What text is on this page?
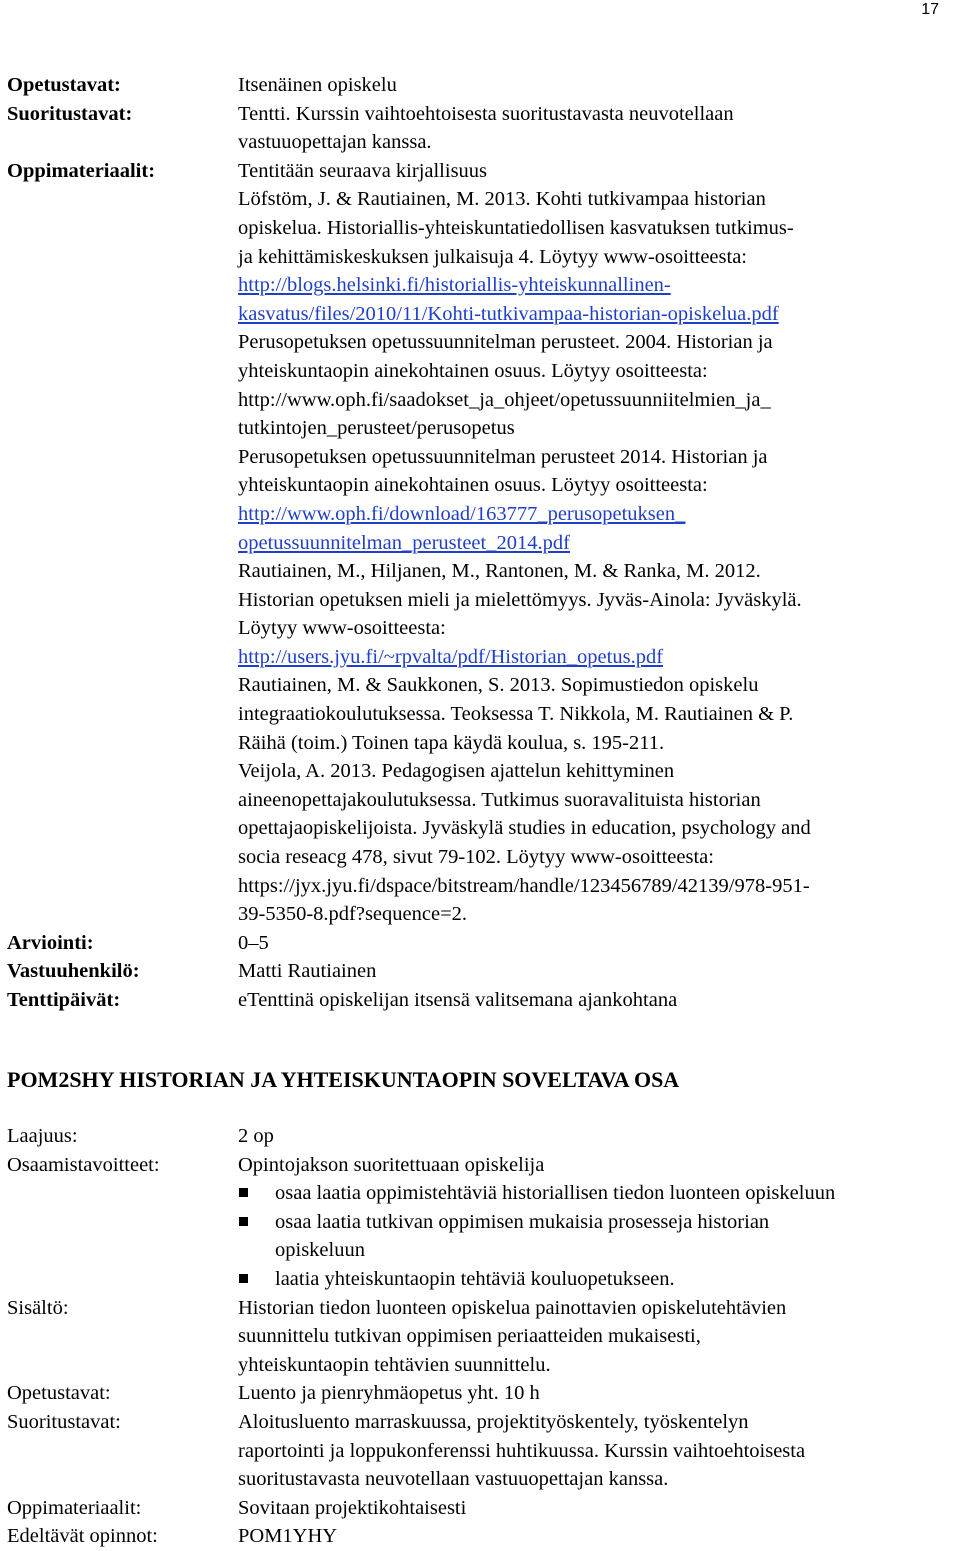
17
Opetustavat:	Itsenäinen opiskelu
Suoritustavat:	Tentti. Kurssin vaihtoehtoisesta suoritustavasta neuvotellaan
vastuuopettajan kanssa.
Oppimateriaalit:	Tentitään seuraava kirjallisuus
Löfstöm, J. & Rautiainen, M. 2013. Kohti tutkivampaa historian
opiskelua. Historiallis-yhteiskuntatiedollisen kasvatuksen tutkimus-
ja kehittämiskeskuksen julkaisuja 4. Löytyy www-osoitteesta:
http://blogs.helsinki.fi/historiallis-yhteiskunnallinen-
kasvatus/files/2010/11/Kohti-tutkivampaa-historian-opiskelua.pdf
Perusopetuksen opetussuunnitelman perusteet. 2004. Historian ja
yhteiskuntaopin ainekohtainen osuus. Löytyy osoitteesta:
http://www.oph.fi/saadokset_ja_ohjeet/opetussuunniitelmien_ja_
tutkintojen_perusteet/perusopetus
Perusopetuksen opetussuunnitelman perusteet 2014. Historian ja
yhteiskuntaopin ainekohtainen osuus. Löytyy osoitteesta:
http://www.oph.fi/download/163777_perusopetuksen_
opetussuunnitelman_perusteet_2014.pdf
Rautiainen, M., Hiljanen, M., Rantonen, M. & Ranka, M. 2012.
Historian opetuksen mieli ja mielettömyys. Jyväs-Ainola: Jyväskylä.
Löytyy www-osoitteesta:
http://users.jyu.fi/~rpvalta/pdf/Historian_opetus.pdf
Rautiainen, M. & Saukkonen, S. 2013. Sopimustiedon opiskelu
integraatiokoulutuksessa. Teoksessa T. Nikkola, M. Rautiainen & P.
Räihä (toim.) Toinen tapa käydä koulua, s. 195-211.
Veijola, A. 2013. Pedagogisen ajattelun kehittyminen
aineenopettajakoulutuksessa. Tutkimus suoravalituista historian
opettajaopiskelijoista. Jyväskylä studies in education, psychology and
socia reseacg 478, sivut 79-102. Löytyy www-osoitteesta:
https://jyx.jyu.fi/dspace/bitstream/handle/123456789/42139/978-951-
39-5350-8.pdf?sequence=2.
Arviointi:	0–5
Vastuuhenkilö:	Matti Rautiainen
Tenttipäivät:	eTenttinä opiskelijan itsensä valitsemana ajankohtana
POM2SHY HISTORIAN JA YHTEISKUNTAOPIN SOVELTAVA OSA
Laajuus:	2 op
Osaamistavoitteet:	Opintojakson suoritettuaan opiskelija
osaa laatia oppimistehtäviä historiallisen tiedon luonteen opiskeluun
osaa laatia tutkivan oppimisen mukaisia prosesseja historian
opiskeluun
laatia yhteiskuntaopin tehtäviä kouluopetukseen.
Sisältö:	Historian tiedon luonteen opiskelua painottavien opiskelutehtävien
suunnittelu tutkivan oppimisen periaatteiden mukaisesti,
yhteiskuntaopin tehtävien suunnittelu.
Opetustavat:	Luento ja pienryhmäopetus yht. 10 h
Suoritustavat:	Aloitusluento marraskuussa, projektityöskentely, työskentelyn
raportointi ja loppukonferenssi huhtikuussa. Kurssin vaihtoehtoisesta
suoritustavasta neuvotellaan vastuuopettajan kanssa.
Oppimateriaalit:	Sovitaan projektikohtaisesti
Edeltävät opinnot:	POM1YHY
